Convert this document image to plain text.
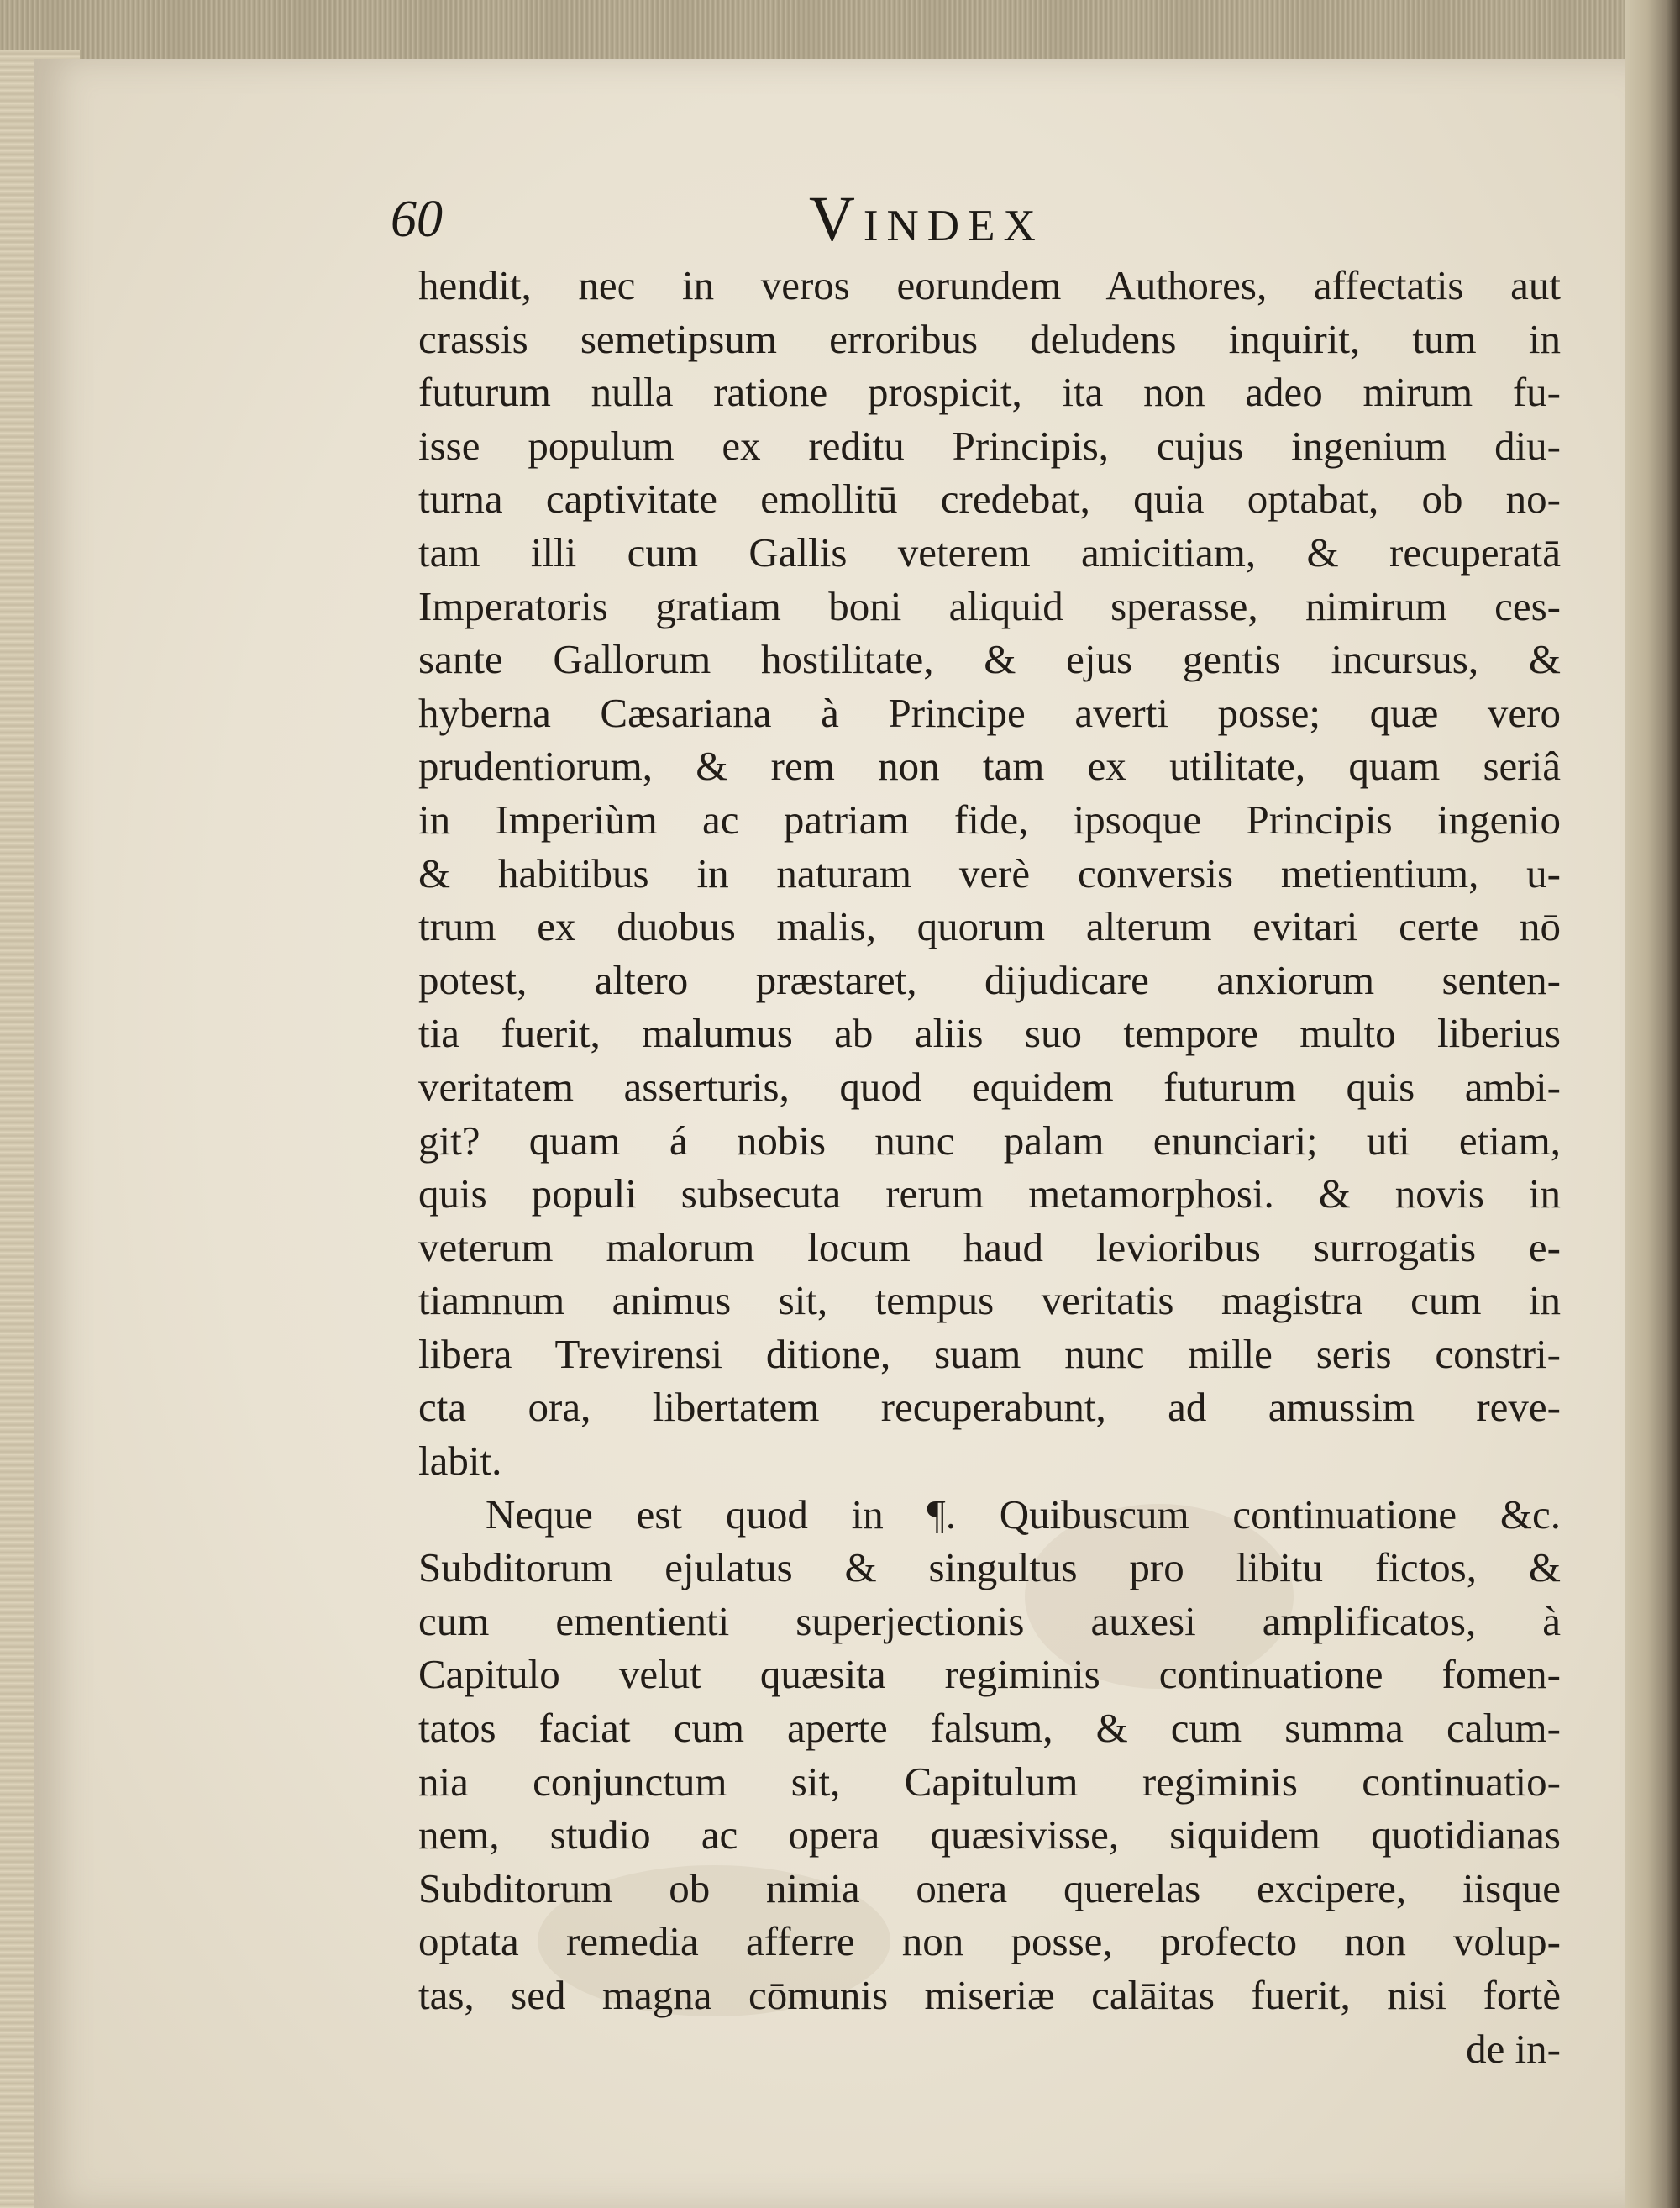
60	Vindex
hendit, nec in veros eorundem Authores, affectatis aut
crassis semetipsum erroribus deludens inquirit, tum in
futurum nulla ratione prospicit, ita non adeo mirum fu-
isse populum ex reditu Principis, cujus ingenium diu-
turna captivitate emollitū credebat, quia optabat, ob no-
tam illi cum Gallis veterem amicitiam, & recuperatā
Imperatoris gratiam boni aliquid sperasse, nimirum ces-
sante Gallorum hostilitate, & ejus gentis incursus, &
hyberna Cæsariana à Principe averti posse; quæ vero
prudentiorum, & rem non tam ex utilitate, quam seriâ
in Imperiùm ac patriam fide, ipsoque Principis ingenio
& habitibus in naturam verè conversis metientium, u-
trum ex duobus malis, quorum alterum evitari certe nō
potest, altero præstaret, dijudicare anxiorum senten-
tia fuerit, malumus ab aliis suo tempore multo liberius
veritatem asserturis, quod equidem futurum quis ambi-
git? quam á nobis nunc palam enunciari; uti etiam,
quis populi subsecuta rerum metamorphosi. & novis in
veterum malorum locum haud levioribus surrogatis e-
tiamnum animus sit, tempus veritatis magistra cum in
libera Trevirensi ditione, suam nunc mille seris constri-
cta ora, libertatem recuperabunt, ad amussim reve-
labit.
Neque est quod in ¶. Quibuscum continuatione &c.
Subditorum ejulatus & singultus pro libitu fictos, &
cum ementienti superjectionis auxesi amplificatos, à
Capitulo velut quæsita regiminis continuatione fomen-
tatos faciat cum aperte falsum, & cum summa calum-
nia conjunctum sit, Capitulum regiminis continuatio-
nem, studio ac opera quæsivisse, siquidem quotidianas
Subditorum ob nimia onera querelas excipere, iisque
optata remedia afferre non posse, profecto non volup-
tas, sed magna cōmunis miseriæ calāitas fuerit, nisi fortè
de in-
